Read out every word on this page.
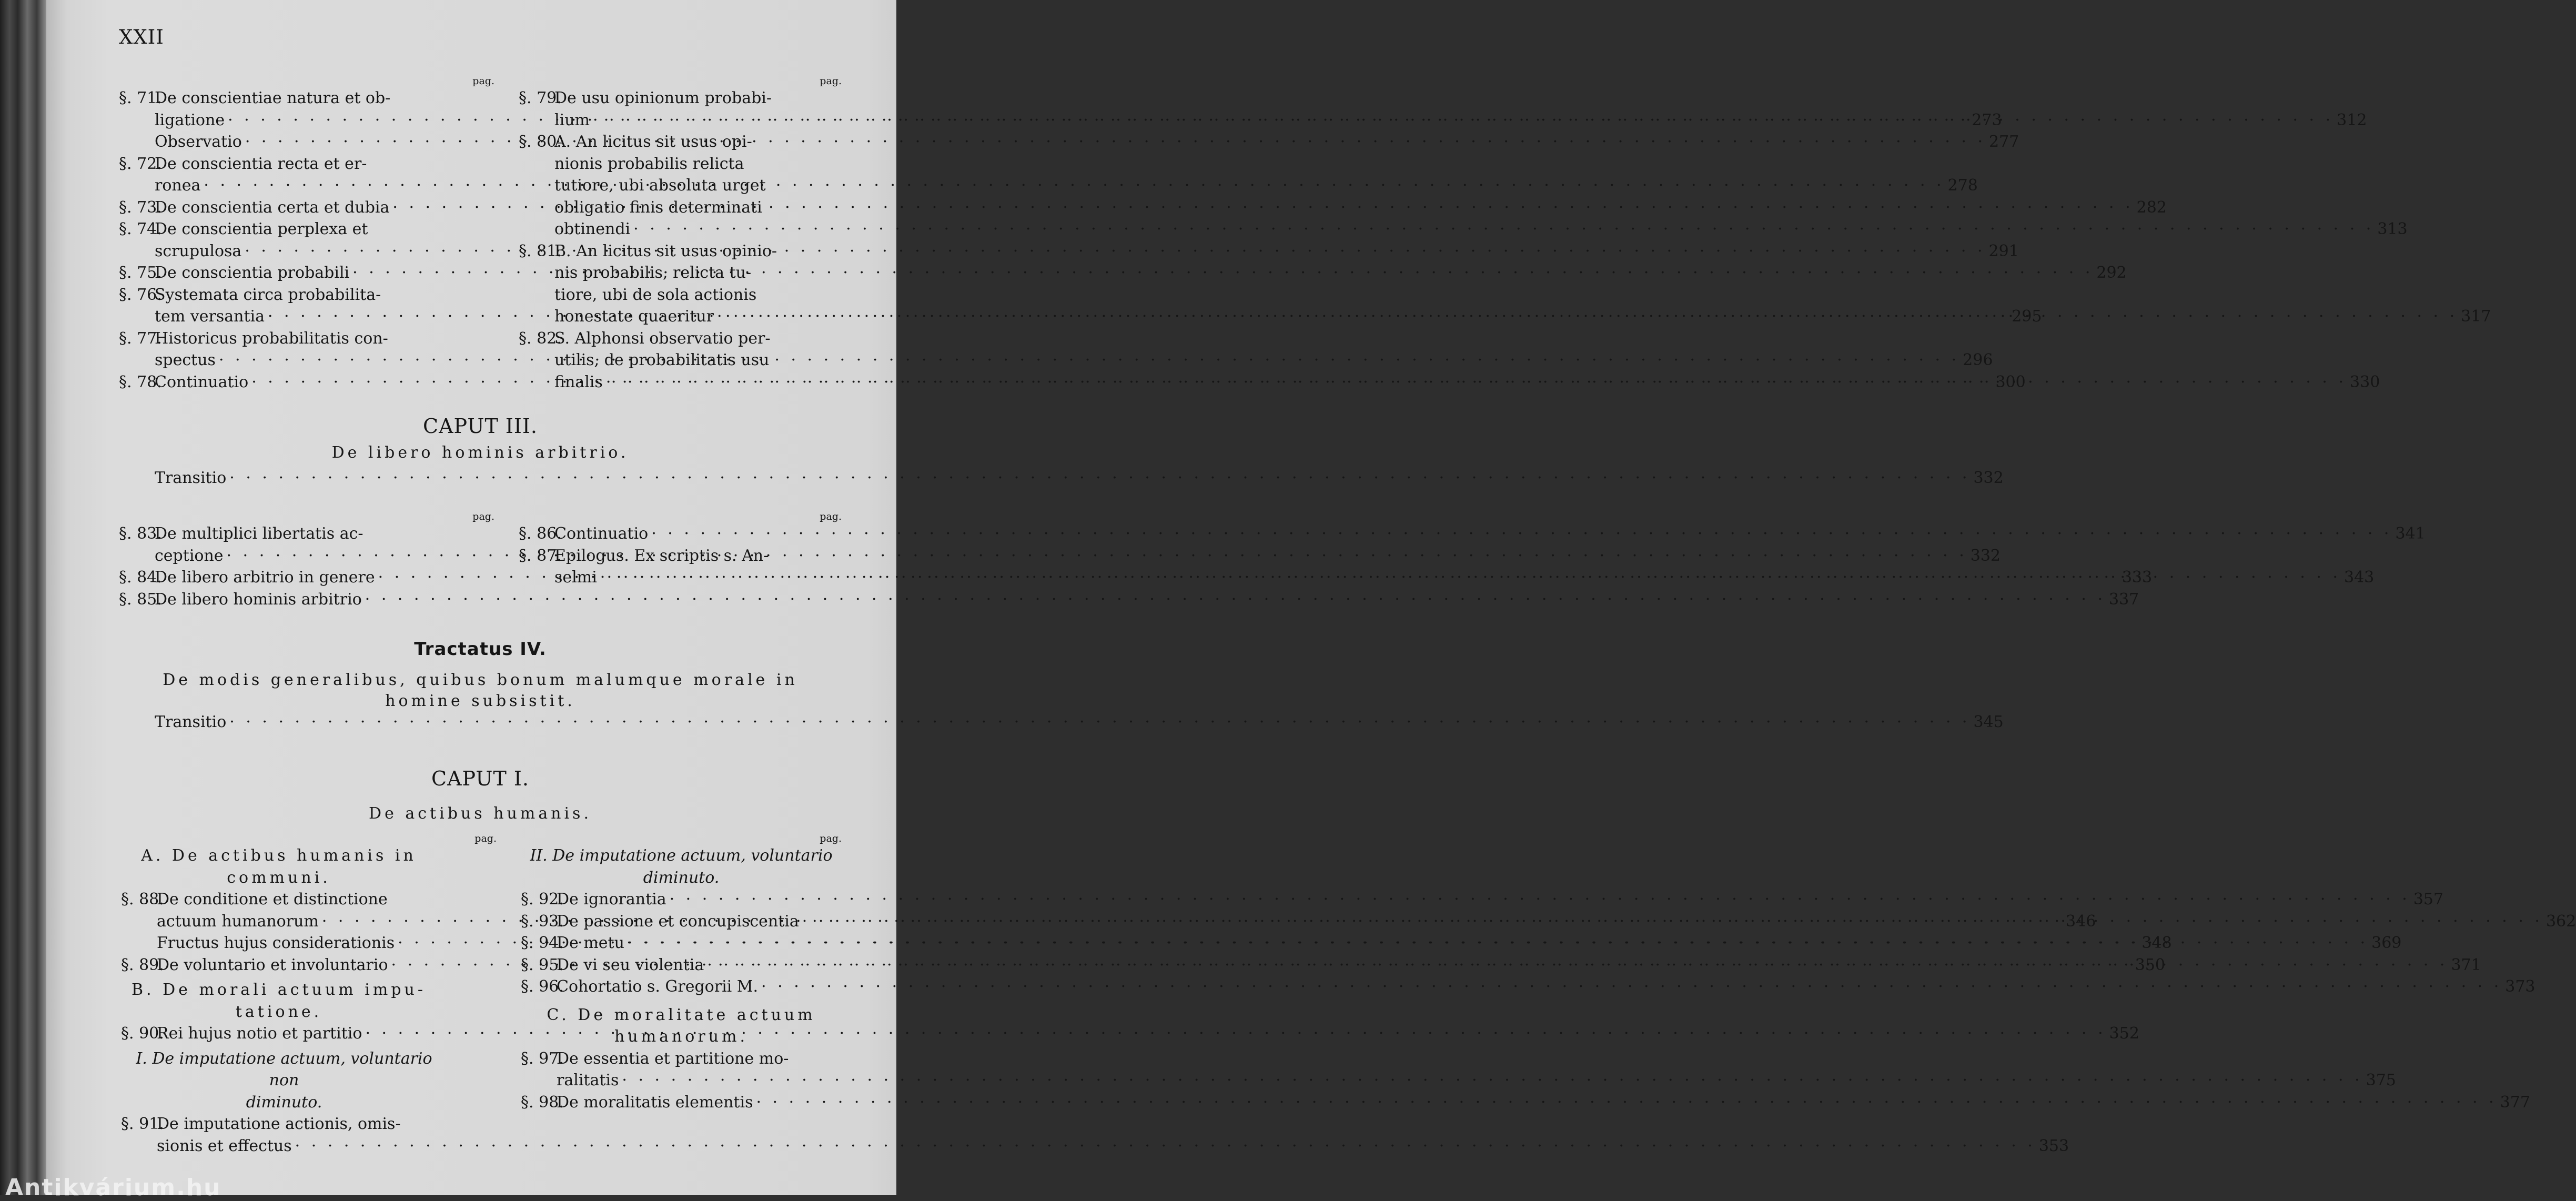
XXII
pag.
§. 71.
De conscientiae natura et ob-
ligatione · · ·	273
Observatio · · ·	277
§. 72.
De conscientia recta et er-
ronea · · ·	278
§. 73.
De conscientia certa et dubia · · ·	282
§. 74.
De conscientia perplexa et
scrupulosa · · ·	291
§. 75.
De conscientia probabili · · ·	292
§. 76.
Systemata circa probabilita-
tem versantia · · ·	295
§. 77.
Historicus probabilitatis con-
spectus · · ·	296
§. 78.
Continuatio · · ·	300
pag.
§. 79.
De usu opinionum probabi-
lium · · ·	312
§. 80.
A. An licitus sit usus opi-
nionis probabilis relicta
tutiore, ubi absoluta urget
obligatio finis determinati
obtinendi · · ·	313
§. 81.
B. An licitus sit usus opinio-
nis probabilis, relicta tu-
tiore, ubi de sola actionis
honestate quaeritur · · ·	317
§. 82.
S. Alphonsi observatio per-
utilis, de probabilitatis usu
finalis · · ·	330
CAPUT III.
De libero hominis arbitrio.
Transitio · · ·	332
pag.
§. 83.
De multiplici libertatis ac-
ceptione · · ·	332
§. 84.
De libero arbitrio in genere · · ·	333
§. 85.
De libero hominis arbitrio · · ·	337
pag.
§. 86.
Continuatio · · ·	341
§. 87.
Epilogus. Ex scriptis s. An-
selmi · · ·	343
Tractatus IV.
De modis generalibus, quibus bonum malumque morale in
homine subsistit.
Transitio · · ·	345
CAPUT I.
De actibus humanis.
pag.
A. De actibus humanis in
communi.
§. 88.
De conditione et distinctione
actuum humanorum · · ·	346
Fructus hujus considerationis · · ·	348
§. 89.
De voluntario et involuntario · · ·	350
B. De morali actuum impu-
tatione.
§. 90.
Rei hujus notio et partitio · · ·	352
I. De imputatione actuum, voluntario non
diminuto.
§. 91.
De imputatione actionis, omis-
sionis et effectus · · ·	353
pag.
II. De imputatione actuum, voluntario
diminuto.
§. 92.
De ignorantia · · ·	357
§. 93.
De passione et concupiscentia · · ·	362
§. 94.
De metu · · ·	369
§. 95.
De vi seu violentia · · ·	371
§. 96.
Cohortatio s. Gregorii M. · · ·	373
C. De moralitate actuum
humanorum.
§. 97.
De essentia et partitione mo-
ralitatis · · ·	375
§. 98.
De moralitatis elementis · · ·	377
Antikvárium.hu
